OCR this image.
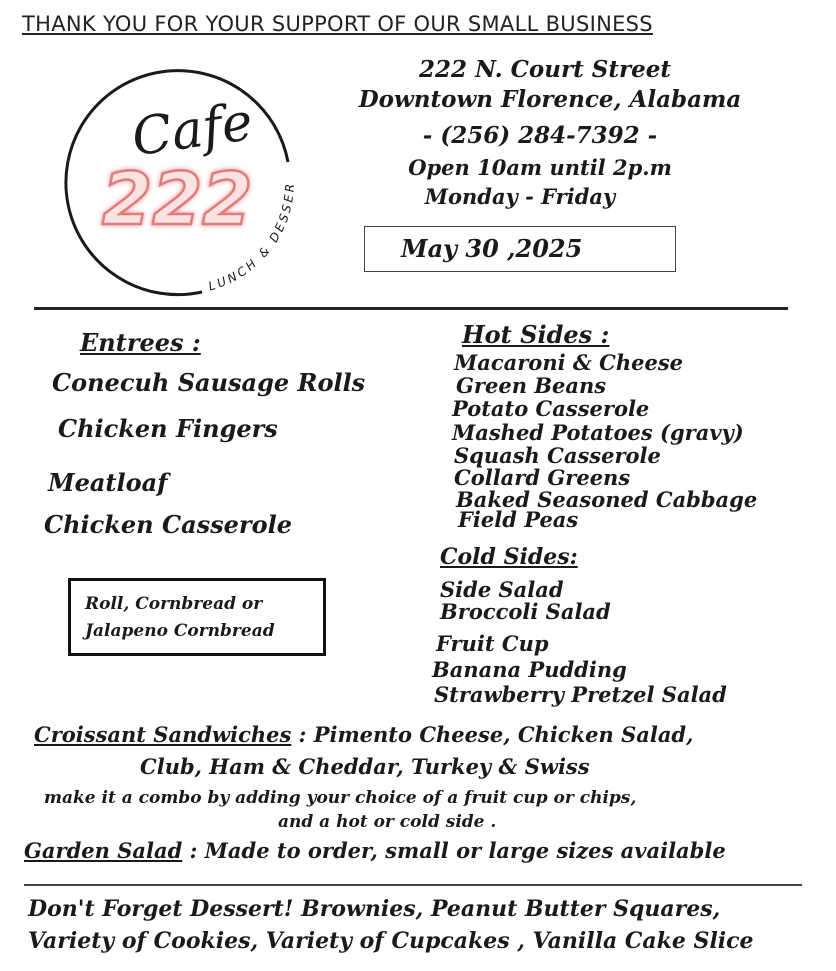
THANK YOU FOR YOUR SUPPORT OF OUR SMALL BUSINESS
Cafe
222
LUNCH & DESSER
222 N. Court Street
Downtown Florence, Alabama
- (256) 284-7392 -
Open 10am until 2p.m
Monday - Friday
May 30 ,2025
Entrees :
Conecuh Sausage Rolls
Chicken Fingers
Meatloaf
Chicken Casserole
Roll, Cornbread or
Jalapeno Cornbread
Hot Sides :
Macaroni & Cheese
Green Beans
Potato Casserole
Mashed Potatoes (gravy)
Squash Casserole
Collard Greens
Baked Seasoned Cabbage
Field Peas
Cold Sides:
Side Salad
Broccoli Salad
Fruit Cup
Banana Pudding
Strawberry Pretzel Salad
Croissant Sandwiches : Pimento Cheese, Chicken Salad,
Club, Ham & Cheddar, Turkey & Swiss
make it a combo by adding your choice of a fruit cup or chips,
and a hot or cold side .
Garden Salad : Made to order, small or large sizes available
Don't Forget Dessert! Brownies, Peanut Butter Squares,
Variety of Cookies, Variety of Cupcakes , Vanilla Cake Slice
